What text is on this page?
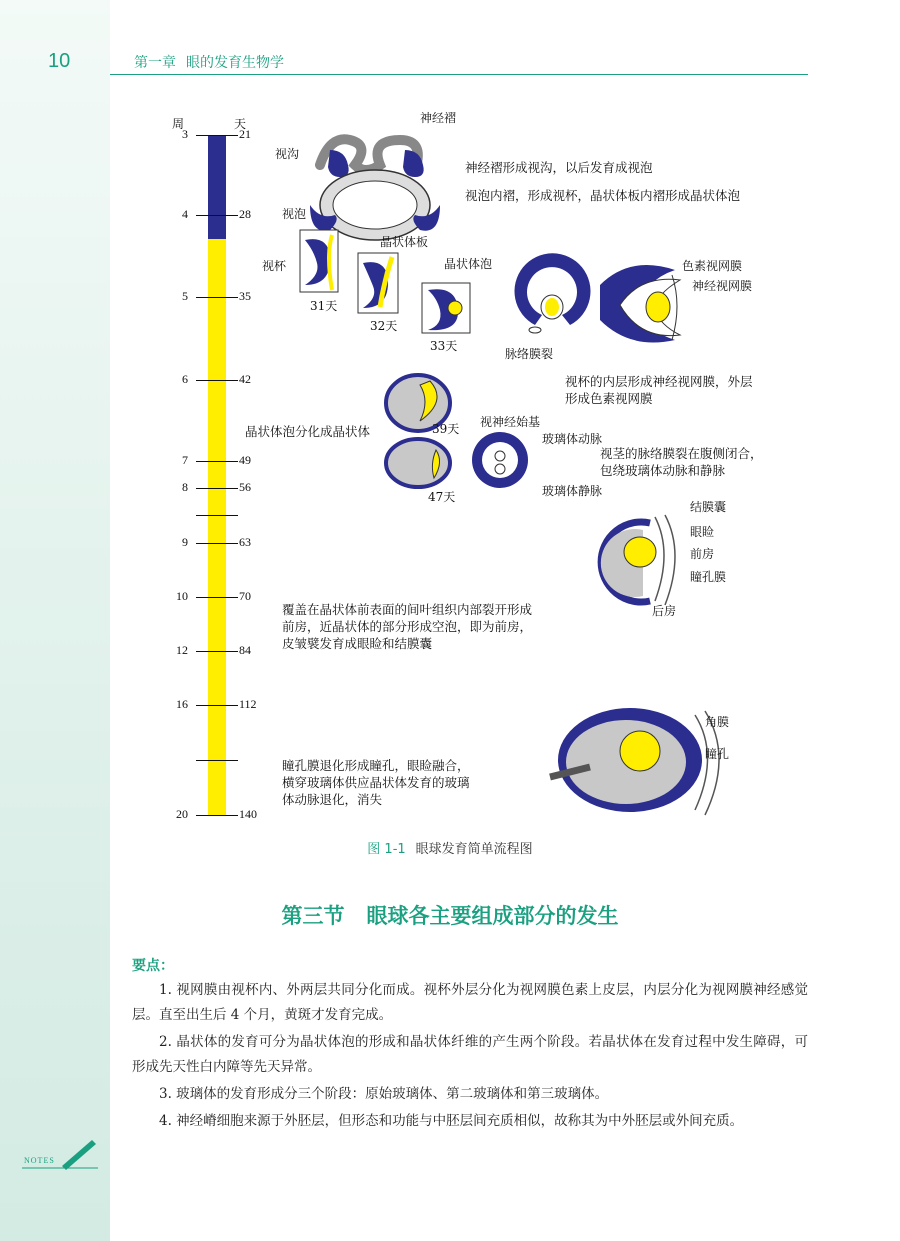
10	第一章 眼的发育生物学
周	天
21
3
28
4
35
5
42
6
49
7
56
8
63
9
70
10
84
12
112
16
140
20
神经褶
视沟
视泡
视杯
晶状体板
晶状体泡
31天
32天
33天
脉络膜裂
色素视网膜
神经视网膜
39天
47天
视神经始基
玻璃体动脉
玻璃体静脉
结膜囊
眼睑
前房
瞳孔膜
后房
角膜
瞳孔
神经褶形成视沟，以后发育成视泡
视泡内褶，形成视杯，晶状体板内褶形成晶状体泡
视杯的内层形成神经视网膜，外层
形成色素视网膜
晶状体泡分化成晶状体
视茎的脉络膜裂在腹侧闭合，
包绕玻璃体动脉和静脉
覆盖在晶状体前表面的间叶组织内部裂开形成
前房，近晶状体的部分形成空泡，即为前房，
皮皱襞发育成眼睑和结膜囊
瞳孔膜退化形成瞳孔，眼睑融合，
横穿玻璃体供应晶状体发育的玻璃
体动脉退化，消失
图 1-1 眼球发育简单流程图
第三节 眼球各主要组成部分的发生
要点：

1. 视网膜由视杯内、外两层共同分化而成。视杯外层分化为视网膜色素上皮层，内层分化为视网膜神经感觉层。直至出生后 4 个月，黄斑才发育完成。

2. 晶状体的发育可分为晶状体泡的形成和晶状体纤维的产生两个阶段。若晶状体在发育过程中发生障碍，可形成先天性白内障等先天异常。

3. 玻璃体的发育形成分三个阶段：原始玻璃体、第二玻璃体和第三玻璃体。

4. 神经嵴细胞来源于外胚层，但形态和功能与中胚层间充质相似，故称其为中外胚层或外间充质。

NOTES
